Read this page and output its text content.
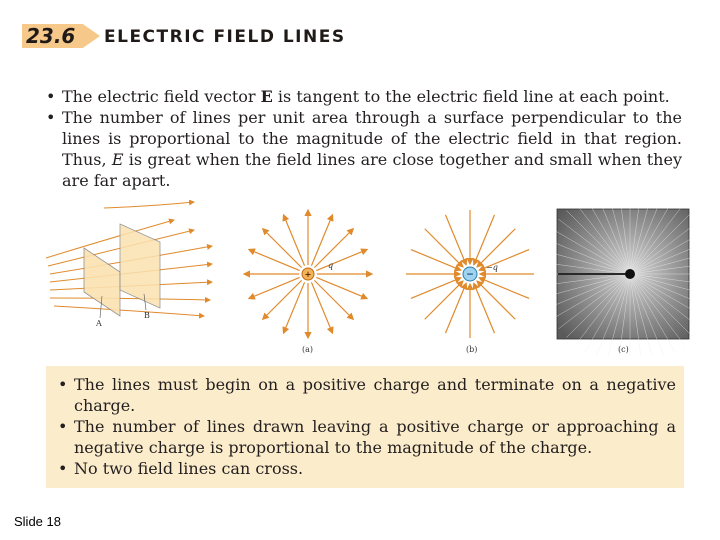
23.6 ELECTRIC FIELD LINES
• The electric field vector E is tangent to the electric field line at each point.
• The number of lines per unit area through a surface perpendicular to the lines is proportional to the magnitude of the electric field in that region. Thus, E is great when the field lines are close together and small when they are far apart.
A
B
+
q
(a)
−
−q
(b)	(c)
• The lines must begin on a positive charge and terminate on a negative charge.
• The number of lines drawn leaving a positive charge or approaching a negative charge is proportional to the magnitude of the charge.
• No two field lines can cross.
Slide 18
